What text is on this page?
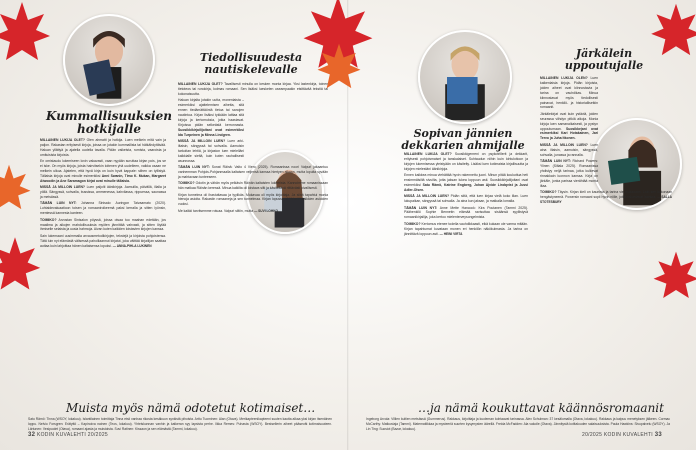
Kummallisuuksien
hotkijalle

MILLAINEN LUKIJA OLET? Olen ahmatti ja hotkija. Luen melkein mitä vain ja paljon. Rakastan erityisesti kirjoja, joissa on jotakin kummallista tai hätkähdyttävää. Haluan yllättyä ja ajatella uudella tavalla. Pidän vaikeista, rumista, vaaroista ja omituisista kirjoista.

En omistaudu lukemiseen lovin vakavasti, vaan nyyään suruttaa kirjan pois, jos se ei iske. On myös kirjoja, joista hairvitsekin loitenen yhä uudelleen, vaikka osaan ne melkein ulkoa. Ajatelen, että hyvä kirja on kuin hyvä kappale: siihen on tyllistyä. Tällaisia kirjoja ovat minulle esimerkiksi Anni Swanin, Timo K. Mukan, Margaret Atwoodin ja Ane Saramagon kirjat ovat minulle tällaisia.

MISSÄ JA MILLOIN LUEN? Luen paljolti äänikirjoja. Aamuilla, päivällä, illalla ja yöllä. Sängyssä, sohvalla, bussissa, ammenessa, kahvilassa, rippuessa, saunassa ja metsässä.

TÄMÄN LUIN NYT: Johanna Sinisalo: Auringon Taivaamato (2020). Luhtaidevaluaatioon toisen ja romaaniroikeemä paksi kerralla ja sitten lyönsin, mentessä kannesta kanteen.

TOIMIKO? Arvostan Sinisalon pöyssä, joissa otsaa tuo maahan edetään, jos maailma ja aikojen mahdollisuuksia myöten jännittää vahvasti, ja sitten löytää ihmiselle selaista ja uusia hahmoja. Aivan kuten kaikkien loistavien kirjojen kanssa.

Sain lukemaani uusimmalla arvausmetodikirjojen, tekstejä ja kirjoista pohjoistensa. Tätä luin nyt elämästä välisessä pahoillaannut kirjatut, joka väittää kirjailijan saattaa auttaa kuin lahjoittaa hänen kaltaisensa lopuksi. — ANNA-PIHLA LUKINEN

Tiedollisuudesta
nautiskelevalle

MILLAINEN LUKIJA OLET? Tavallisesti minulla on kesken monta kirjaa. Yksi lastenkirja, toinen tietoteos tai runokirja, kolmas romaani. Sen lisäksi lueskelen useampaakin etsittävää tekstiä tai kokonaisuutta.

Haluan kirjalta jotakin uutta, monenlaista – esimerkiksi ajattelemisen aihetta, sitä ennen tiedämättäöntä tietoa tai sanojen nautintoa. Kirjan lisäksi tykkään laittaa sitä kirjoja ja kertomuksia, jotka haastavat. Kirjoissa pidän selkeästä kerronnasta. Suosikkikirjailijoitani ovat esimerkiksi Ida Turpeinen ja Minna Lindgren.

MISSÄ JA MILLOIN LUEN? Luen arki-iltaisin, sängyssä tai sohvalla. Aamuisin tarkoitan lehtiä, ja kirjaston luen mielelläni kaikkialle sieltä, kuin kuten rauhallisesti asunnossa.

TÄMÄN LUIN NYT: Sonat Räinä: Valto 4 Viero (2025). Romaanissa noori Valpuri jakaantuu vanhemman Pohjois-Pohjanmaalla kaltaisen veljensä kanssa hiertyen alkaan, mutta lopulta syvään ja mahtavaan tunteeseen.

TOIMIKO? Odotin ja vähän myös pelkäsin Räinän kaltaisten lukemista. Kannoimme romaanissaan hän matkaa Räinän keressä. Minua kaikilta oli loistava silti ja käsiteltävä riittävästi oivallisesti.

Kirjan tunnelma oli ihastuttavaa ja tyylikäs. Mukavaa oli myös kirjoittaja. Ja siinä tapahtui monia hienoja asioita. Rakastin romaaneja ja sen tunnelmaa. Kirjan lopussa oli tärkeää kaikkien asioiden vuoksi.

Me kaikki tarvitsemme rotuaa. Valpuri siltiin, mutta — SUVI LOHKO

Sopivan jännien
dekkarien ahmijalle

MILLAINEN LUKIJA OLET? Suosikkigenreni on psykotrillerit ja dekkarit, erityisesti pohjoismaiset ja tanskalaiset. Suhtaudun niihin kuin lohtuloitoon ja kirjojen lukemisessa yleistyään on käsitelty. Lisäksi luen kotimaista kirjallisuutta ja kirjojen mielestäni äänikirjoja.

Ennen kaikkea minua viehättää hyvin rakennettu juoni. Minun pitää koukuttua heti ensimmäisiltä sivuilta, jotta jaksan lukea loppuun asti. Suosikkikirjailijoitani ovat esimerkiksi Satu Rämö, Katrine Engberg, Johan Ajvide Lindqvist ja Jussi Adler-Olsen.

MISSÄ JA MILLOIN LUEN? Pidän siitä, että luen kirjaa vielä koko illan. Luen lukupaikan, sängyssä tai sohvalla. Ja aina kun jaksan, ja matkalla lomalla.

TÄMÄN LUIN NYT: Anne Mette Hancock: Kira Poutanen (Tammi 2025). Päähenkilö Sophie Bennetin elämää ravisuttaa sisäänsä syyllistyvä romaanikirjailija, joka kertoo mielenterveysongelmista.

TOIMIKO? Kertomus etenee todella vauhdikkaasti, eikä kukaan ole varma mitään. Kirjan tapahtumat kuvataan monen eri henkilön näkökulmasta. Ja tarina on jännittävä loppuun asti. — HEINI VIRTA

Järkälein
uppoutujalle

MILLAINEN LUKIJA OLEN? Luen kaikenlaisia kirjoja. Pidän kirjoista, joiden aiheet ovat kiinnostavia ja tarina on vauhdikas. Minua kiinnostavat myös tiedollisesti painavat, henkilö- ja historiallisetkin romaanit.

Järkälekirjat ovat kuin ystäviä, joiden seurassa viihdyn pitkiä aikoja. Monia kirjoja luen samanaikaisesti, ja pystyn uppoutumaan. Suosikkejani ovat esimerkiksi Kari Hotakainen, Jari Tervo ja Juha Itkonen.

MISSÄ JA MILLOIN LUEN? Luen aina iltaisin, aamuisin, sängyssä, sohvalla, junassa ja rannalla.

TÄMÄN LUIN NYT: Richard Powers: Ylinen (Siltala 2025). Romaanissa yhdistyy neljä tarinaa, jotka kulkevat rinnakkain luonnon kanssa. Kirja on järkäle, jonka parissa vierähtää monta iltaa.

TOIMIKO? Täysin. Kirjan kieli on kaunista ja tarina vie mukanaan. Luin sen kokonaan hengästyneenä. Powersin romaani sopii hyvin niille, jotka rakastavat luontoa. — SALLA STOTESBURY

Muista myös nämä odotetut kotimaiset…
Satu Rämö: Tinna (WSOY, lokakuu). Islantilainen toimittaja Tinna etsii vanhaa rikosta kesäkuun synkistä pihoista. Arttu Tuominen: Alan (Otava). Merikapteenikapteeni suuten kautta alkaa yksi kirjan itsenäinen loppu. Nelvio Forsgren: Erätyttö – Kapinoiva nainen (Teos, lokakuu). Yhteiskunnan vanhin ja katkeran syy lapsista perhe. Ilkka Remes: Puhasta (WSOY). Bestsellerin aiheet pääsevät kotimaisuuteen. Lärtunen: Vesipuolet (Otava), romaani ajasta ja muistoista. Suvi Ratinen: Kissaon ja sen elämästä (Tammi, lokakuu).
…ja nämä koukuttavat käännösromaanit
Ingeborg Arvola: Villien kultien metsässä (Gummerus). Rakkaus, kirjoittaja ja kuoleman kohtaavat tarinassa. Alex Schulman: 37 kesälomalla (Otava, lokakuu). Rakkaus ja kaipuu menetyksen jälkeen. Cormac McCarthy: Matkustaja (Tammi). Matematiikkaa ja mysteeriä suurten kysymysten äärellä. Freida McFadden: Ala vakoile (Otava). Jännitystä kotitalouden salaisuuksista. Paula Hawkins: Sivupalvelu (WSOY). Ja Lin Ting: Suosiot (Bazar, lokakuu).
32 KODIN KUVALEHTI 20/2025	20/2025 KODIN KUVALEHTI 33
